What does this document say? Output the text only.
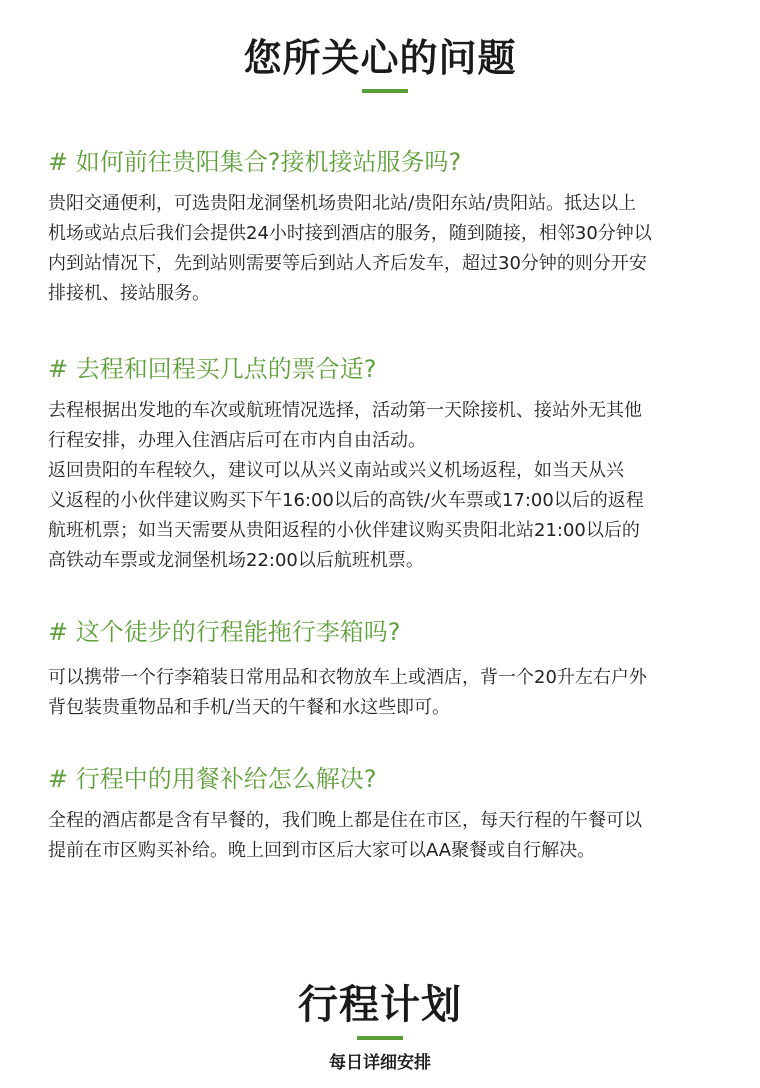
您所关心的问题
# 如何前往贵阳集合?接机接站服务吗?

贵阳交通便利，可选贵阳龙洞堡机场贵阳北站/贵阳东站/贵阳站。抵达以上
机场或站点后我们会提供24小时接到酒店的服务，随到随接，相邻30分钟以
内到站情况下，先到站则需要等后到站人齐后发车，超过30分钟的则分开安
排接机、接站服务。

# 去程和回程买几点的票合适?

去程根据出发地的车次或航班情况选择，活动第一天除接机、接站外无其他
行程安排，办理入住酒店后可在市内自由活动。
返回贵阳的车程较久，建议可以从兴义南站或兴义机场返程，如当天从兴
义返程的小伙伴建议购买下午16:00以后的高铁/火车票或17:00以后的返程
航班机票；如当天需要从贵阳返程的小伙伴建议购买贵阳北站21:00以后的
高铁动车票或龙洞堡机场22:00以后航班机票。

# 这个徒步的行程能拖行李箱吗?

可以携带一个行李箱装日常用品和衣物放车上或酒店，背一个20升左右户外
背包装贵重物品和手机/当天的午餐和水这些即可。

# 行程中的用餐补给怎么解决?

全程的酒店都是含有早餐的，我们晚上都是住在市区，每天行程的午餐可以
提前在市区购买补给。晚上回到市区后大家可以AA聚餐或自行解决。

行程计划
每日详细安排
